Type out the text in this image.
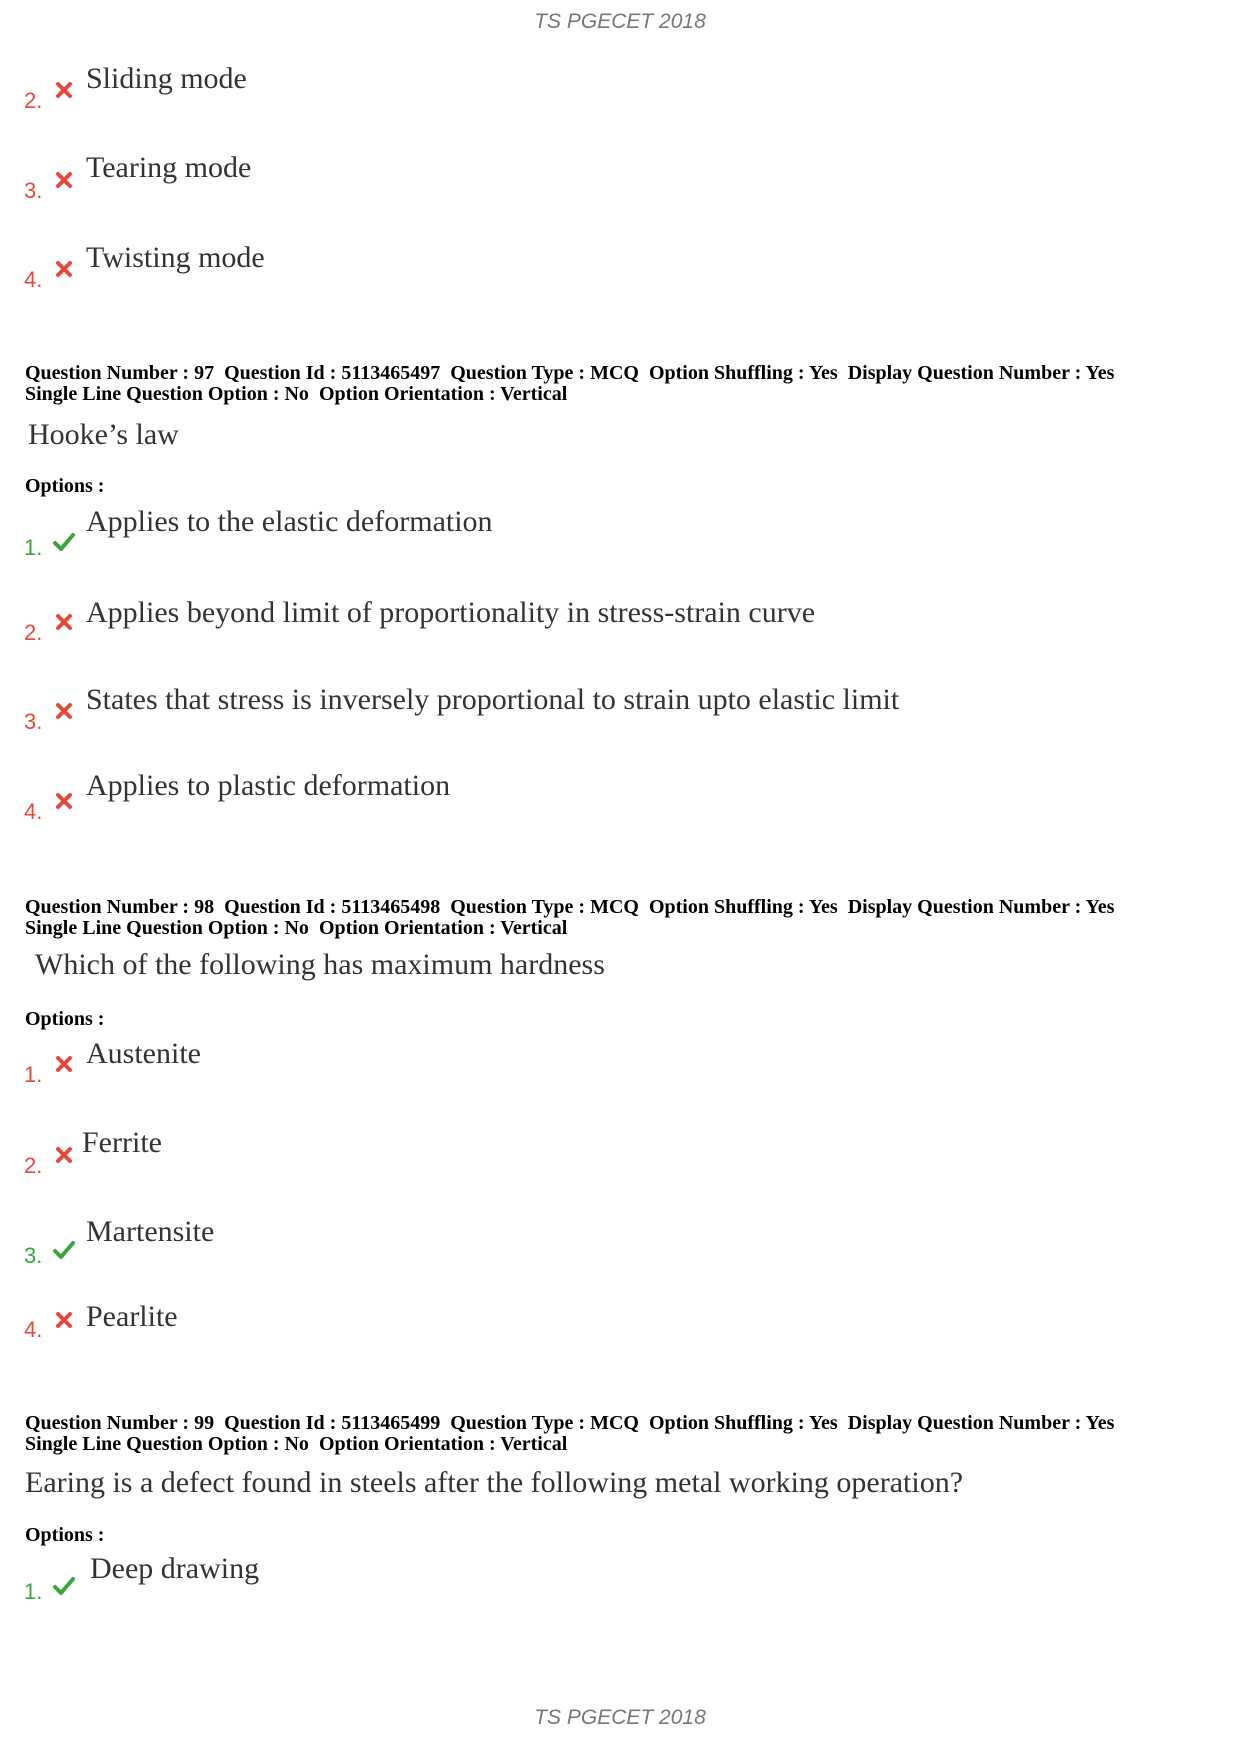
TS PGECET 2018
2.
Sliding mode
3.
Tearing mode
4.
Twisting mode
Question Number : 97 Question Id : 5113465497 Question Type : MCQ Option Shuffling : Yes Display Question Number : Yes
Single Line Question Option : No Option Orientation : Vertical
Hooke’s law
Options :
1.
Applies to the elastic deformation
2.
Applies beyond limit of proportionality in stress-strain curve
3.
States that stress is inversely proportional to strain upto elastic limit
4.
Applies to plastic deformation
Question Number : 98 Question Id : 5113465498 Question Type : MCQ Option Shuffling : Yes Display Question Number : Yes
Single Line Question Option : No Option Orientation : Vertical
Which of the following has maximum hardness
Options :
1.
Austenite
2.
Ferrite
3.
Martensite
4. Pearlite
Question Number : 99 Question Id : 5113465499 Question Type : MCQ Option Shuffling : Yes Display Question Number : Yes
Single Line Question Option : No Option Orientation : Vertical
Earing is a defect found in steels after the following metal working operation?
Options :
1.
Deep drawing
TS PGECET 2018
